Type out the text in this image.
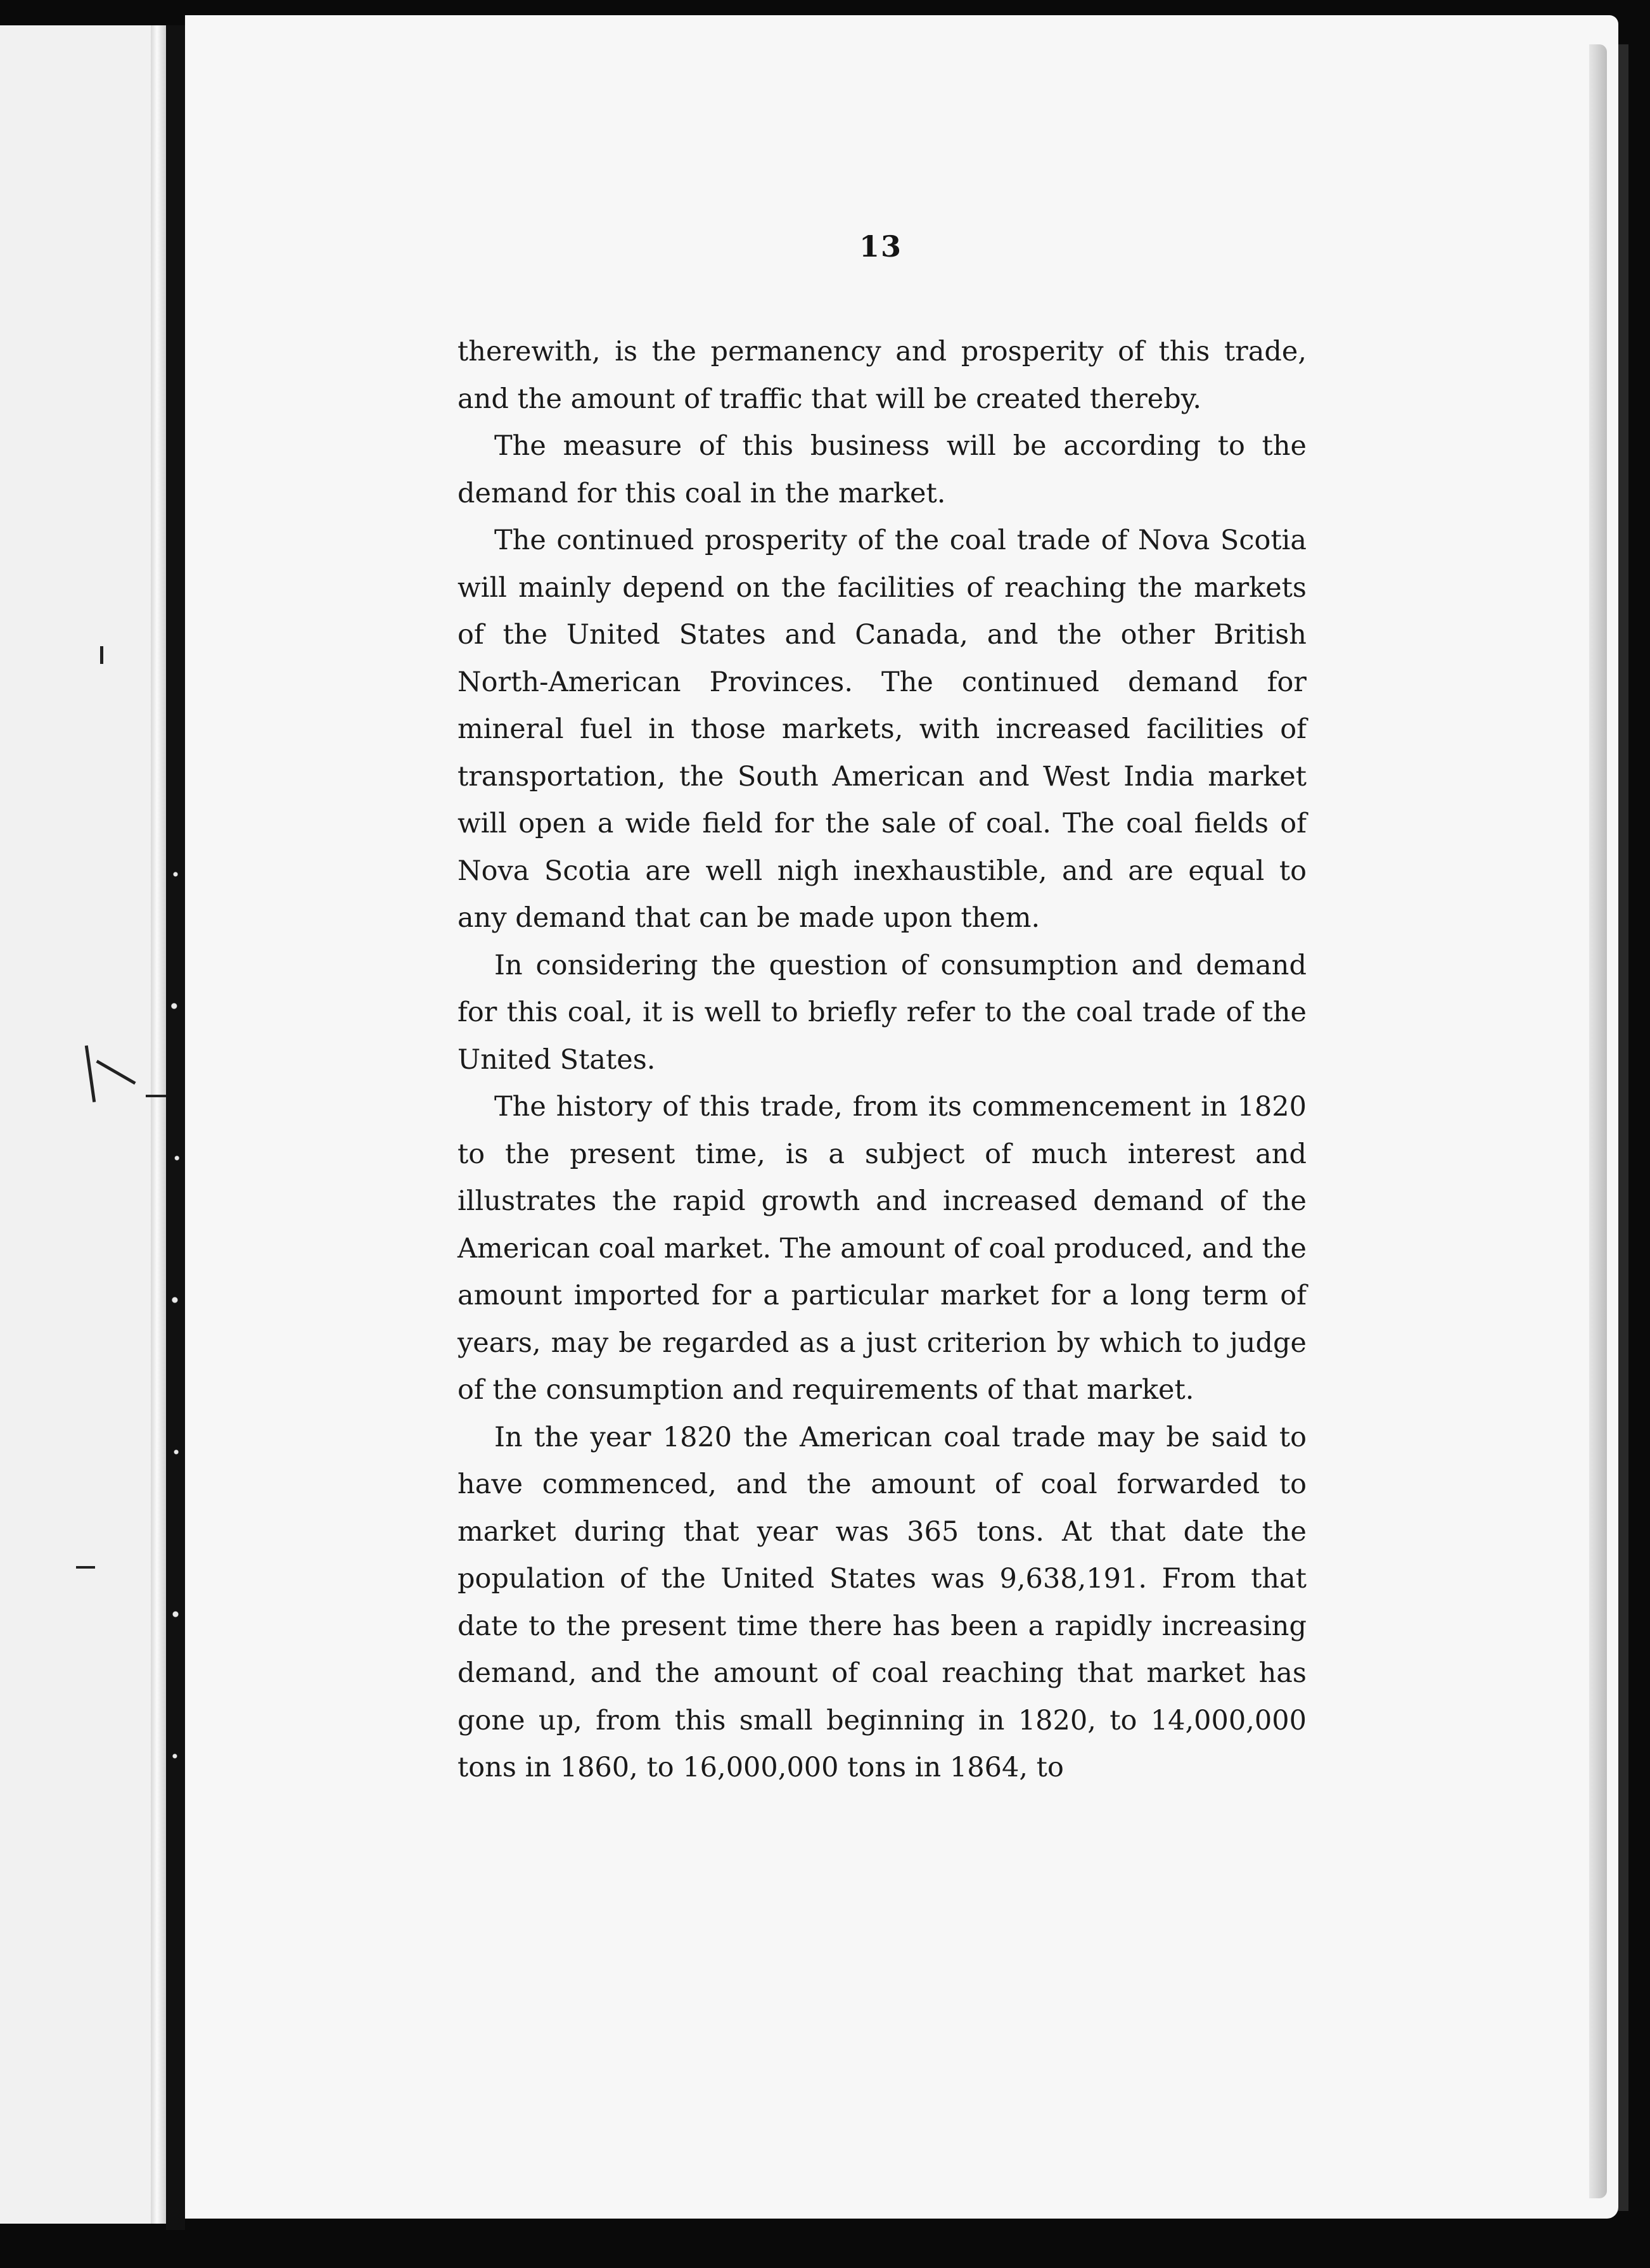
13

therewith, is the permanency and prosperity of this trade, and the amount of traffic that will be created thereby.

The measure of this business will be according to the demand for this coal in the market.

The continued prosperity of the coal trade of Nova Scotia will mainly depend on the facilities of reaching the markets of the United States and Canada, and the other British North-American Provinces. The continued demand for mineral fuel in those markets, with increased facilities of transportation, the South American and West India market will open a wide field for the sale of coal. The coal fields of Nova Scotia are well nigh inexhaustible, and are equal to any demand that can be made upon them.

In considering the question of consumption and demand for this coal, it is well to briefly refer to the coal trade of the United States.

The history of this trade, from its commencement in 1820 to the present time, is a subject of much interest and illustrates the rapid growth and increased demand of the American coal market. The amount of coal produced, and the amount imported for a particular market for a long term of years, may be regarded as a just criterion by which to judge of the consumption and requirements of that market.

In the year 1820 the American coal trade may be said to have commenced, and the amount of coal forwarded to market during that year was 365 tons. At that date the population of the United States was 9,638,191. From that date to the present time there has been a rapidly increasing demand, and the amount of coal reaching that market has gone up, from this small beginning in 1820, to 14,000,000 tons in 1860, to 16,000,000 tons in 1864, to
